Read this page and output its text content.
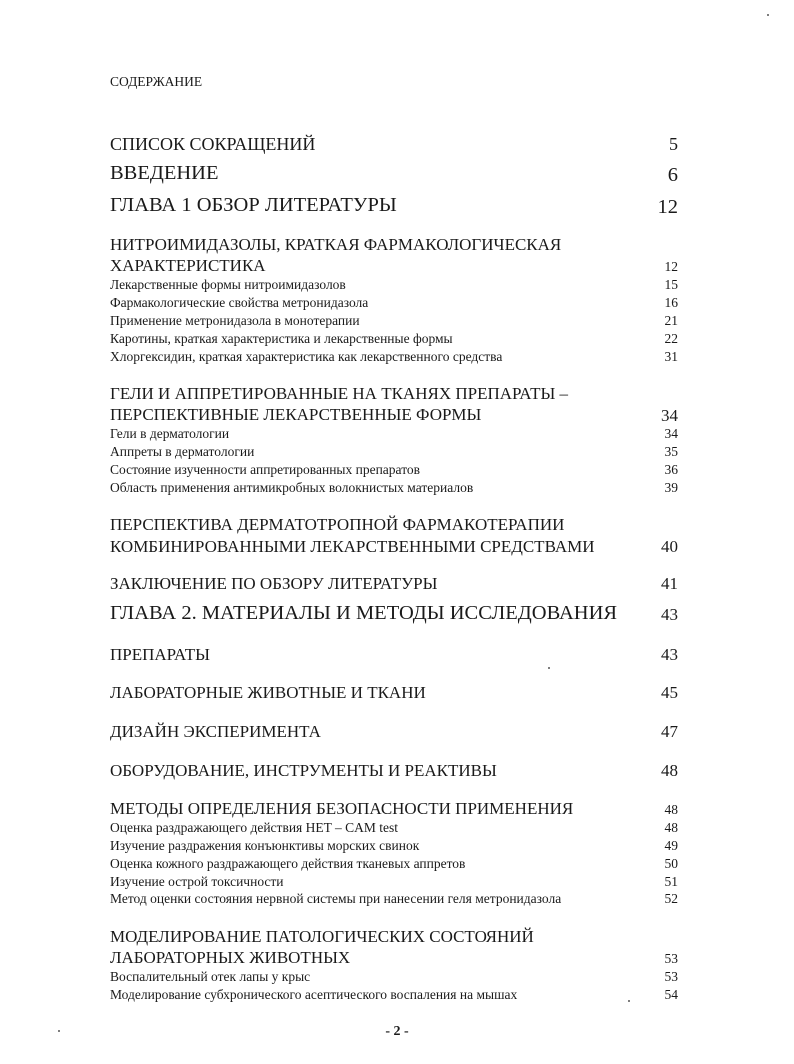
СОДЕРЖАНИЕ
СПИСОК СОКРАЩЕНИЙ	5
ВВЕДЕНИЕ	6
ГЛАВА 1 ОБЗОР ЛИТЕРАТУРЫ	12
НИТРОИМИДАЗОЛЫ, КРАТКАЯ ФАРМАКОЛОГИЧЕСКАЯ
ХАРАКТЕРИСТИКА	12
Лекарственные формы нитроимидазолов	15
Фармакологические свойства метронидазола	16
Применение метронидазола в монотерапии	21
Каротины, краткая характеристика и лекарственные формы	22
Хлоргексидин, краткая характеристика как лекарственного средства	31
ГЕЛИ И АППРЕТИРОВАННЫЕ НА ТКАНЯХ ПРЕПАРАТЫ –
ПЕРСПЕКТИВНЫЕ ЛЕКАРСТВЕННЫЕ ФОРМЫ	34
Гели в дерматологии	34
Аппреты в дерматологии	35
Состояние изученности аппретированных препаратов	36
Область применения антимикробных волокнистых материалов	39
ПЕРСПЕКТИВА ДЕРМАТОТРОПНОЙ ФАРМАКОТЕРАПИИ
КОМБИНИРОВАННЫМИ ЛЕКАРСТВЕННЫМИ СРЕДСТВАМИ	40
ЗАКЛЮЧЕНИЕ ПО ОБЗОРУ ЛИТЕРАТУРЫ	41
ГЛАВА 2. МАТЕРИАЛЫ И МЕТОДЫ ИССЛЕДОВАНИЯ	43
ПРЕПАРАТЫ	43
ЛАБОРАТОРНЫЕ ЖИВОТНЫЕ И ТКАНИ	45
ДИЗАЙН ЭКСПЕРИМЕНТА	47
ОБОРУДОВАНИЕ, ИНСТРУМЕНТЫ И РЕАКТИВЫ	48
МЕТОДЫ ОПРЕДЕЛЕНИЯ БЕЗОПАСНОСТИ ПРИМЕНЕНИЯ	48
Оценка раздражающего действия HET – CAM test	48
Изучение раздражения конъюнктивы морских свинок	49
Оценка кожного раздражающего действия тканевых аппретов	50
Изучение острой токсичности	51
Метод оценки состояния нервной системы при нанесении геля метронидазола	52
МОДЕЛИРОВАНИЕ ПАТОЛОГИЧЕСКИХ СОСТОЯНИЙ
ЛАБОРАТОРНЫХ ЖИВОТНЫХ	53
Воспалительный отек лапы у крыс	53
Моделирование субхронического асептического воспаления на мышах	54
- 2 -
